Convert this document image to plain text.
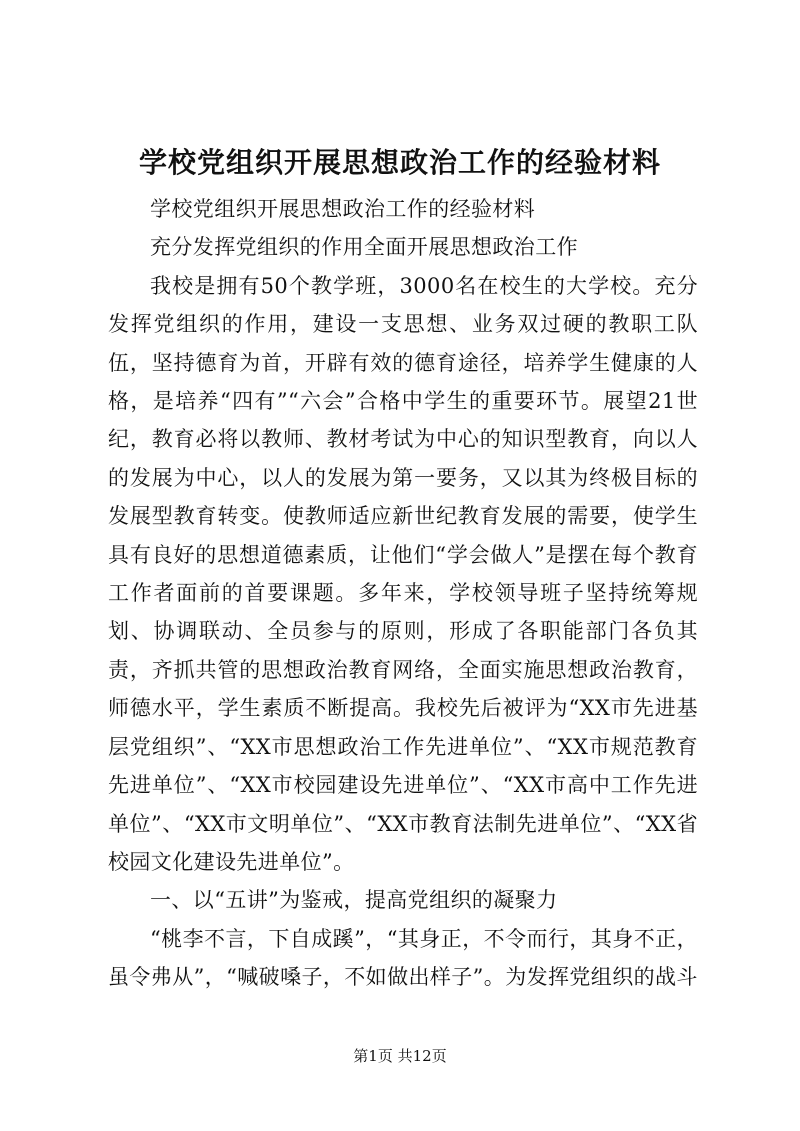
学校党组织开展思想政治工作的经验材料

学校党组织开展思想政治工作的经验材料

充分发挥党组织的作用全面开展思想政治工作

我校是拥有50个教学班，3000名在校生的大学校。充分发挥党组织的作用，建设一支思想、业务双过硬的教职工队伍，坚持德育为首，开辟有效的德育途径，培养学生健康的人格，是培养“四有”“六会”合格中学生的重要环节。展望21世纪，教育必将以教师、教材考试为中心的知识型教育，向以人的发展为中心，以人的发展为第一要务，又以其为终极目标的发展型教育转变。使教师适应新世纪教育发展的需要，使学生具有良好的思想道德素质，让他们“学会做人”是摆在每个教育工作者面前的首要课题。多年来，学校领导班子坚持统筹规划、协调联动、全员参与的原则，形成了各职能部门各负其责，齐抓共管的思想政治教育网络，全面实施思想政治教育，师德水平，学生素质不断提高。我校先后被评为“XX市先进基层党组织”、“XX市思想政治工作先进单位”、“XX市规范教育先进单位”、“XX市校园建设先进单位”、“XX市高中工作先进单位”、“XX市文明单位”、“XX市教育法制先进单位”、“XX省校园文化建设先进单位”。

一、以“五讲”为鉴戒，提高党组织的凝聚力

“桃李不言，下自成蹊”，“其身正，不令而行，其身不正，虽令弗从”，“喊破嗓子，不如做出样子”。为发挥党组织的战斗

第1页 共12页
